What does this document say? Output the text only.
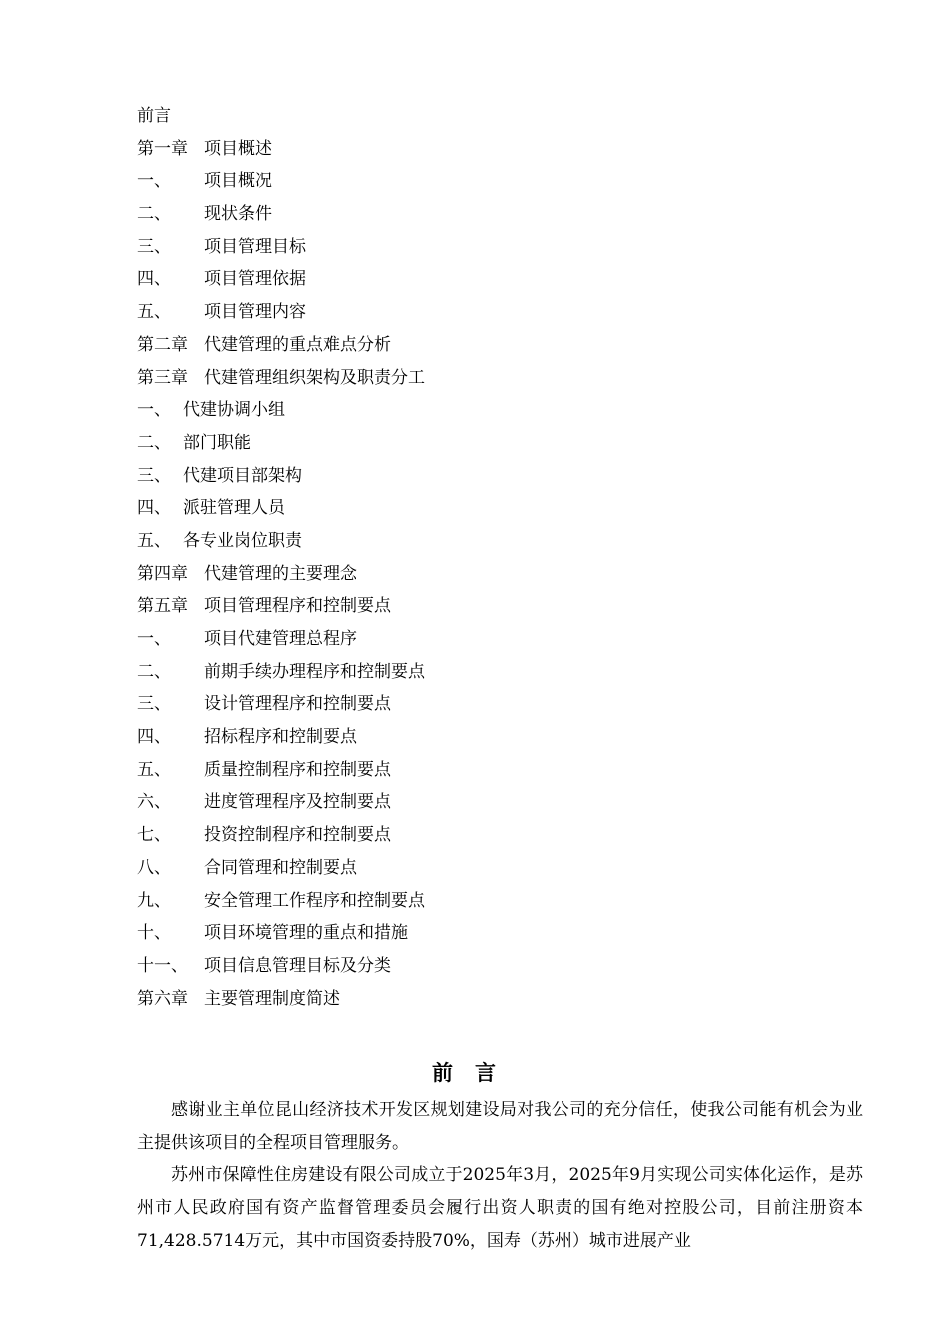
前言
第一章 项目概述
一、 项目概况
二、 现状条件
三、 项目管理目标
四、 项目管理依据
五、 项目管理内容
第二章 代建管理的重点难点分析
第三章 代建管理组织架构及职责分工
一、 代建协调小组
二、 部门职能
三、 代建项目部架构
四、 派驻管理人员
五、 各专业岗位职责
第四章 代建管理的主要理念
第五章 项目管理程序和控制要点
一、 项目代建管理总程序
二、 前期手续办理程序和控制要点
三、 设计管理程序和控制要点
四、 招标程序和控制要点
五、 质量控制程序和控制要点
六、 进度管理程序及控制要点
七、 投资控制程序和控制要点
八、 合同管理和控制要点
九、 安全管理工作程序和控制要点
十、 项目环境管理的重点和措施
十一、 项目信息管理目标及分类
第六章 主要管理制度简述
前言

感谢业主单位昆山经济技术开发区规划建设局对我公司的充分信任，使我公司能有机会为业主提供该项目的全程项目管理服务。

苏州市保障性住房建设有限公司成立于2025年3月，2025年9月实现公司实体化运作，是苏州市人民政府国有资产监督管理委员会履行出资人职责的国有绝对控股公司，目前注册资本71,428.5714万元，其中市国资委持股70%，国寿（苏州）城市进展产业
